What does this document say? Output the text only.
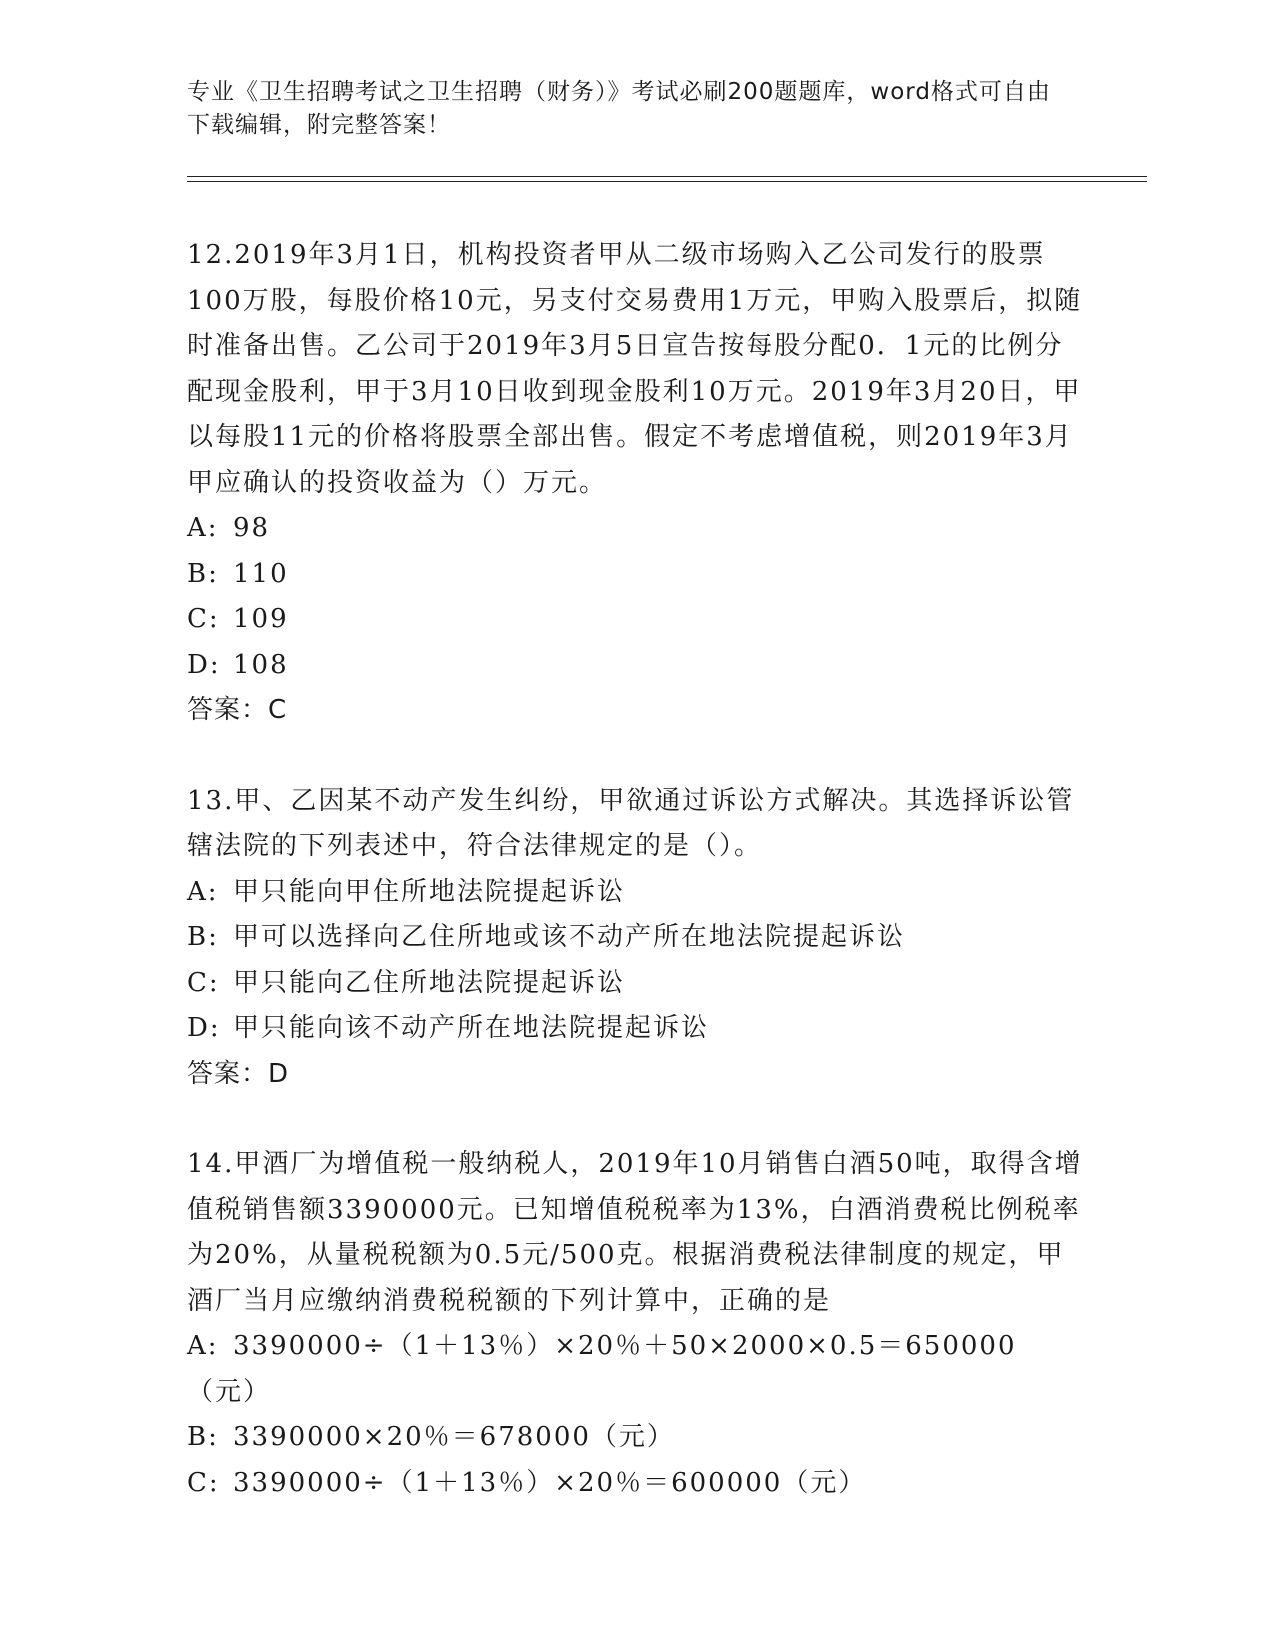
专业《卫生招聘考试之卫生招聘（财务）》考试必刷200题题库，word格式可自由下载编辑，附完整答案！

12.2019年3月1日，机构投资者甲从二级市场购入乙公司发行的股票100万股，每股价格10元，另支付交易费用1万元，甲购入股票后，拟随时准备出售。乙公司于2019年3月5日宣告按每股分配0．1元的比例分配现金股利，甲于3月10日收到现金股利10万元。2019年3月20日，甲以每股11元的价格将股票全部出售。假定不考虑增值税，则2019年3月甲应确认的投资收益为（）万元。

A: 98

B: 110

C: 109

D: 108

答案：C

13.甲、乙因某不动产发生纠纷，甲欲通过诉讼方式解决。其选择诉讼管辖法院的下列表述中，符合法律规定的是（）。

A: 甲只能向甲住所地法院提起诉讼

B: 甲可以选择向乙住所地或该不动产所在地法院提起诉讼

C: 甲只能向乙住所地法院提起诉讼

D: 甲只能向该不动产所在地法院提起诉讼

答案：D

14.甲酒厂为增值税一般纳税人，2019年10月销售白酒50吨，取得含增值税销售额3390000元。已知增值税税率为13%，白酒消费税比例税率为20%，从量税税额为0.5元/500克。根据消费税法律制度的规定，甲酒厂当月应缴纳消费税税额的下列计算中，正确的是

A: 3390000÷（1＋13％）×20％＋50×2000×0.5＝650000（元）

B: 3390000×20％＝678000（元）

C: 3390000÷（1＋13％）×20％＝600000（元）
